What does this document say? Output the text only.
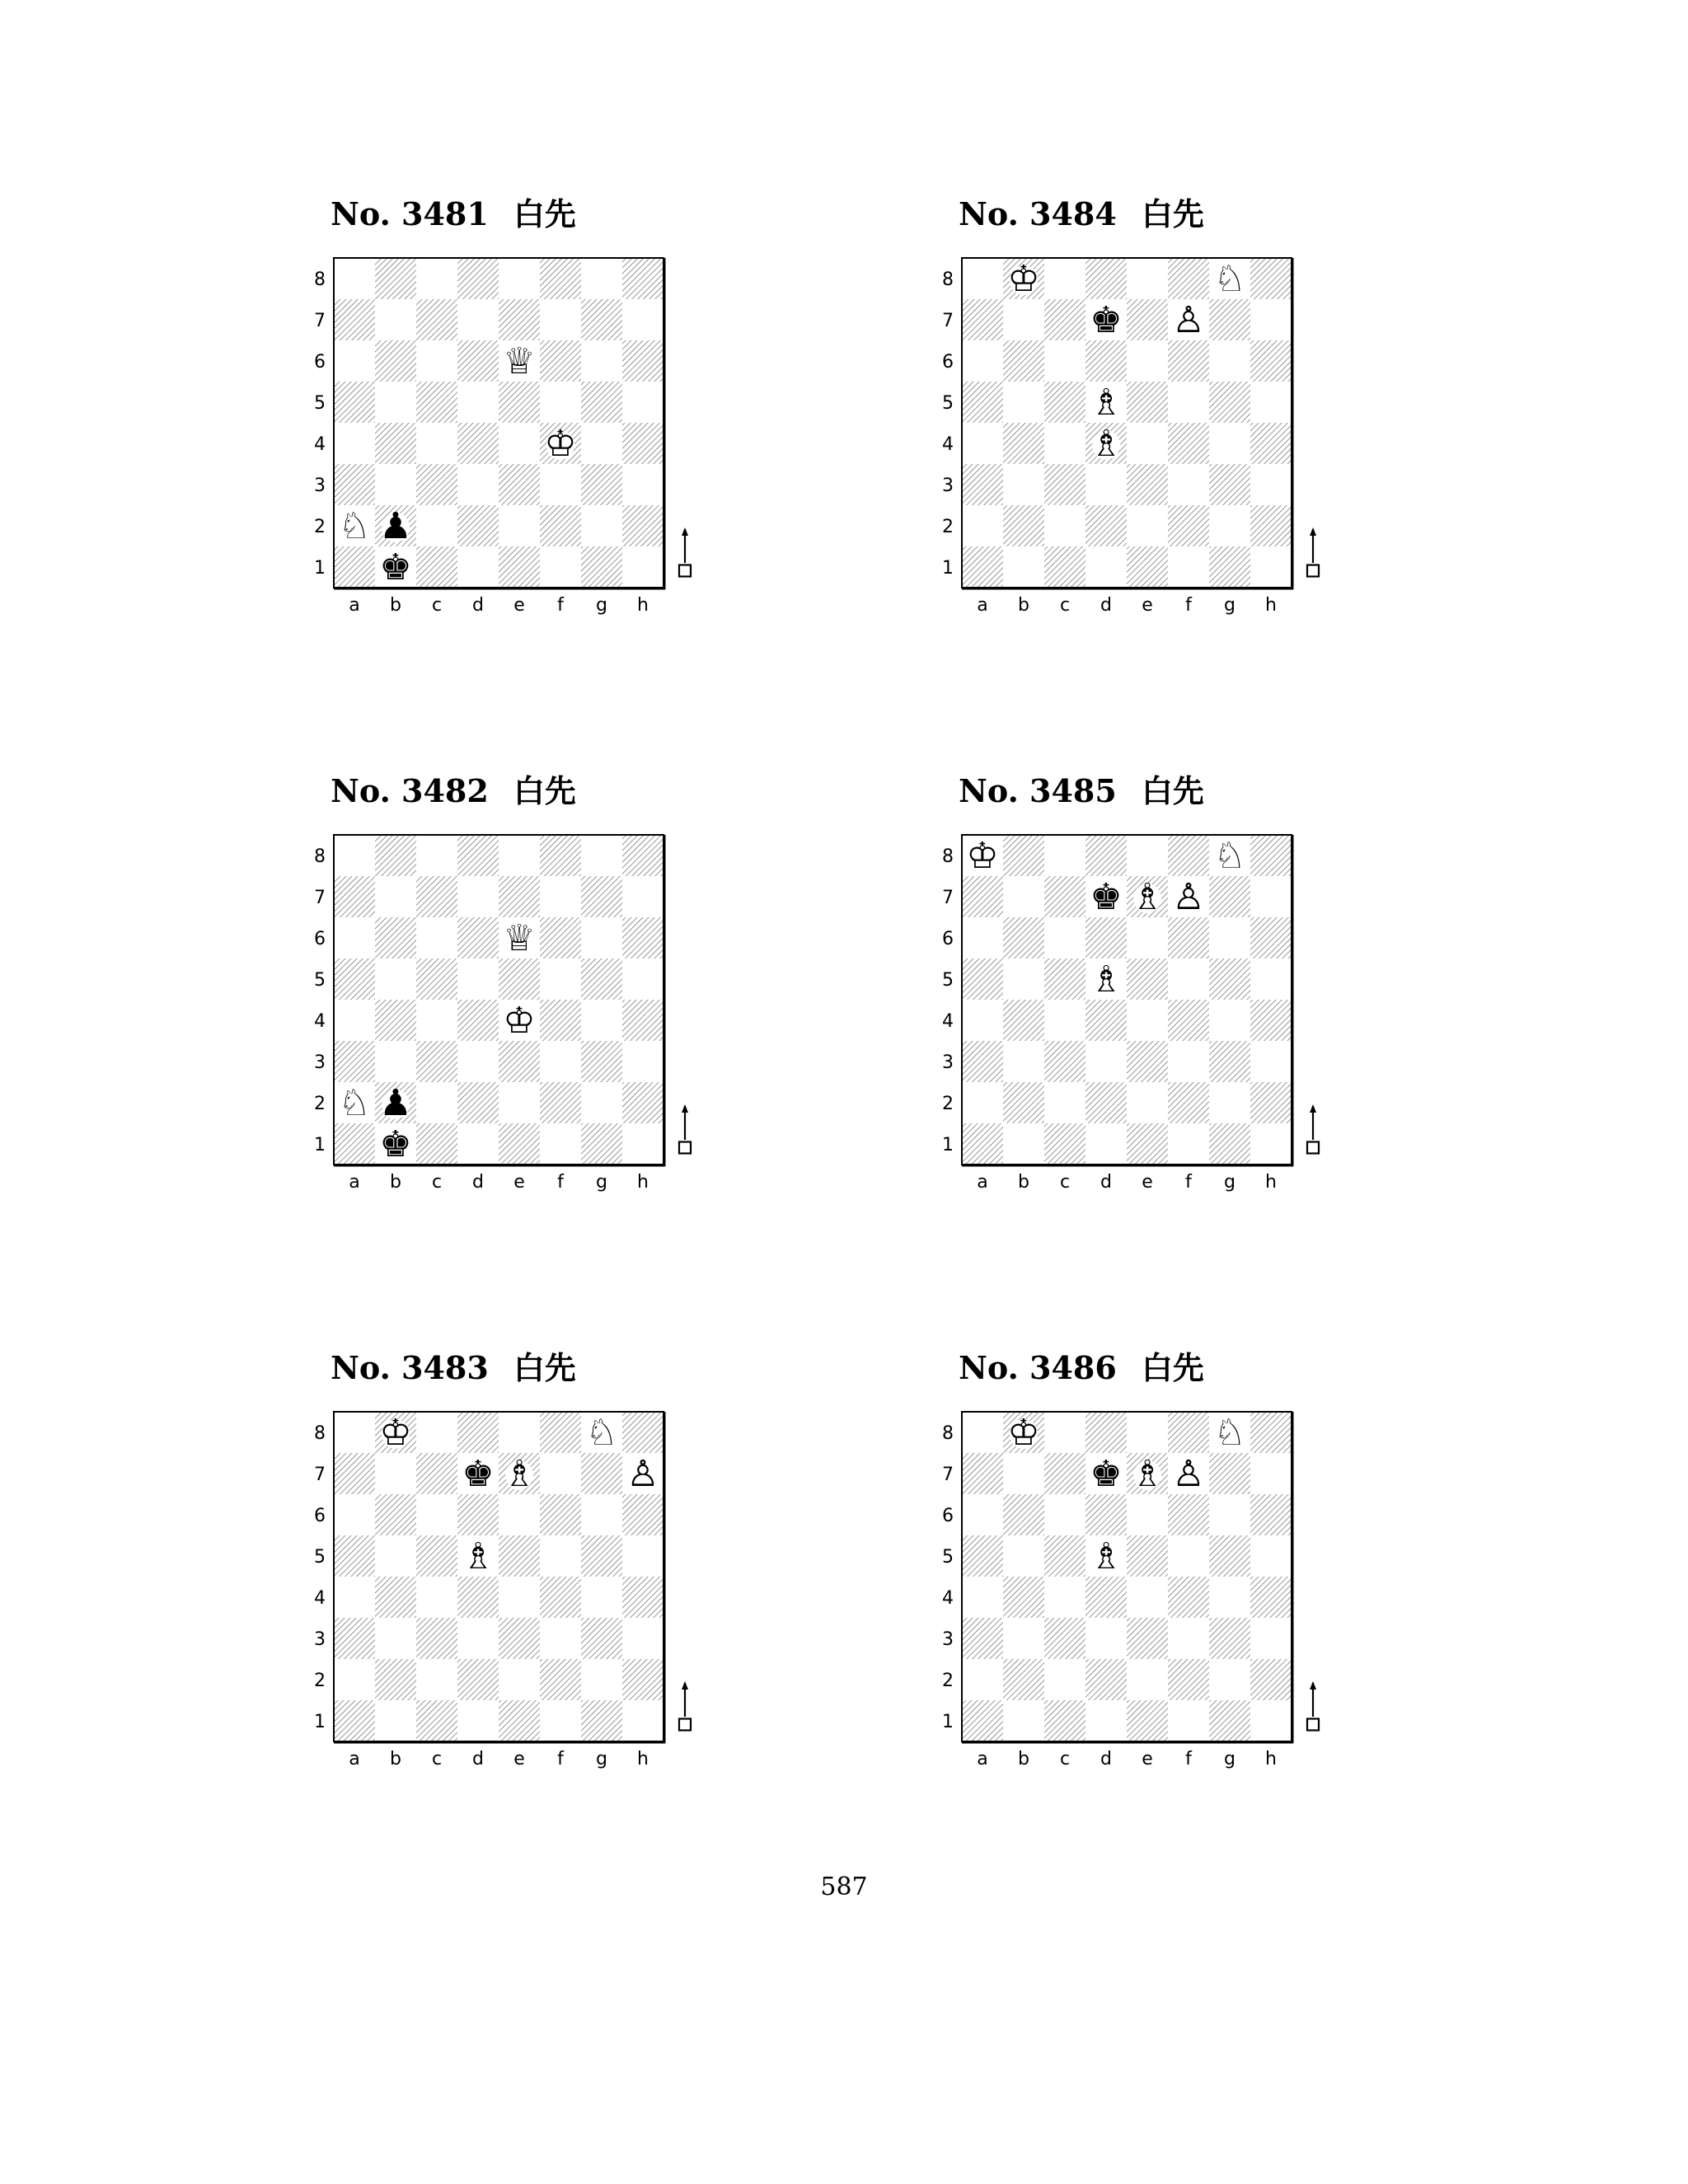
No. 3481 白先
8
7
6
5
4
3
2
1
a b c d e f g h
♕
♔
♘ ♟
♚
No. 3482 白先
8
7
6
5
4
3
2
1
a b c d e f g h
♕
♔
♘ ♟
♚
No. 3483 白先
8
7
6
5
4
3
2
1
a b c d e f g h
♔	♘
♚ ♗	♙
♗
No. 3484 白先
8
7
6
5
4
3
2
1
a b c d e f g h
♔	♘
♚ ♙
♗
♗
No. 3485 白先
8
7
6
5
4
3
2
1
a b c d e f g h
♔	♘
♚ ♗ ♙
♗
No. 3486 白先
8
7
6
5
4
3
2
1
a b c d e f g h
♔	♘
♚ ♗ ♙
♗
587
